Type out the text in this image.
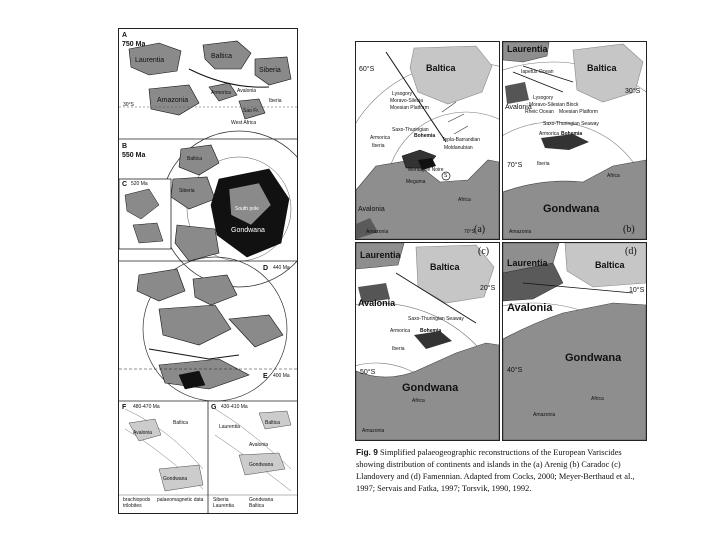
A
750 Ma
Laurentia
Baltica
Siberia
Amazonia
Armorica Avalonia
Iberia
Sao Fr.
West Africa
30°S
B
550 Ma	Baltica
South pole
Gondwana
Siberia
C 520 Ma
D 440 Ma
E 400 Ma
F 480-470 Ma
Gondwana
Avalonia
Baltica
brachiopods
trilobites
palaeomagnetic data
G 430-410 Ma
Baltica
Laurentia
Avalonia
Gondwana
Siberia
Laurentia
Gondwana
Baltica
Baltica
60°S
Lysogory
Moravo-Silesia
Moesian Platform
Saxo-Thuringian
Armorica	Bohemia
Iberia
Tepla-Barrandian
Moldanubian
Montagne Noire
S
Meguma
Africa
Avalonia
Amazonia	70°S (a)
Laurentia
Baltica
Iapetus Ocean
30°S
Avalonia
Lysogory
Moravo-Silesian Block
Rheic Ocean Moesian Platform
Saxo-Thuringian Seaway
Armorica Bohemia
70°S	Iberia
Africa
Gondwana
Amazonia	(b)
Laurentia
Baltica
20°S
Avalonia
Saxo-Thuringian Seaway
Armorica Bohemia
Iberia
50°S
Gondwana
Africa
Amazonia
(c)
Laurentia	Baltica
10°S
Avalonia
Gondwana
40°S
Africa
Amazonia
(d)
Fig. 9 Simplified palaeogeographic reconstructions of the European Variscides showing distribution of continents and islands in the (a) Arenig (b) Caradoc (c) Llandovery and (d) Famennian. Adapted from Cocks, 2000; Meyer-Berthaud et al., 1997; Servais and Fatka, 1997; Torsvik, 1990, 1992.
